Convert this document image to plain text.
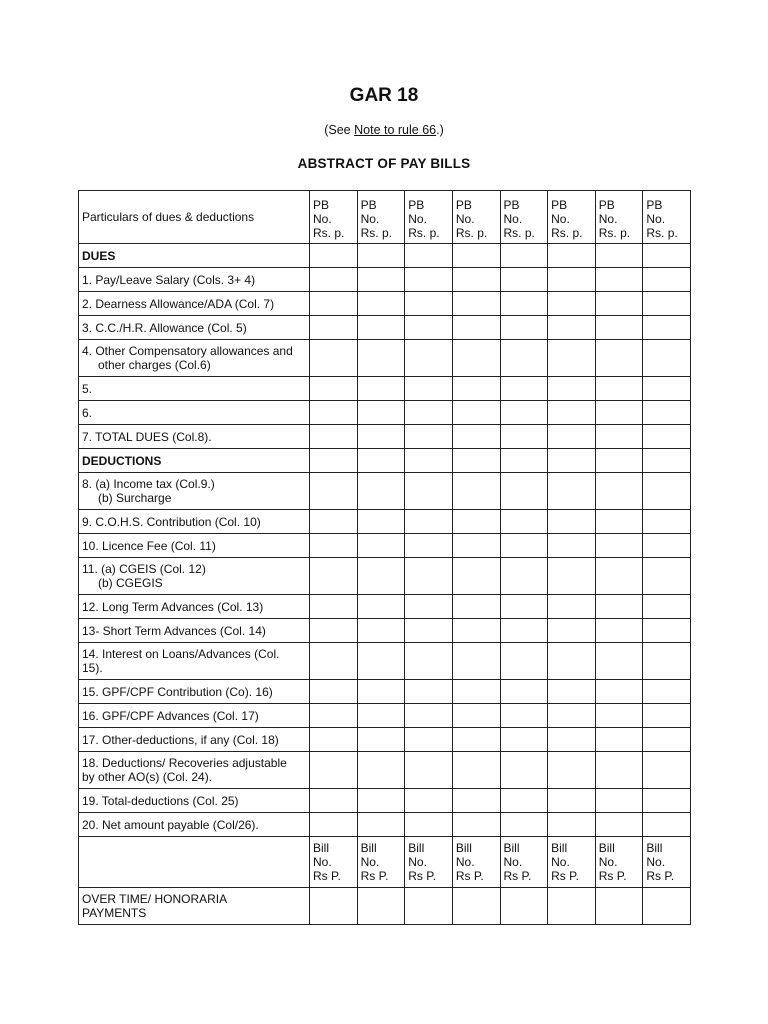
GAR 18
(See Note to rule 66.)
ABSTRACT OF PAY BILLS
Particulars of dues & deductions	PB
No.
Rs. p.	PB
No.
Rs. p.	PB
No.
Rs. p.	PB
No.
Rs. p.	PB
No.
Rs. p.	PB
No.
Rs. p.	PB
No.
Rs. p.	PB
No.
Rs. p.

DUES								

1. Pay/Leave Salary (Cols. 3+ 4)								

2. Dearness Allowance/ADA (Col. 7)								

3. C.C./H.R. Allowance (Col. 5)								

4. Other Compensatory allowances and
other charges (Col.6)								

5.								

6.								

7. TOTAL DUES (Col.8).								

DEDUCTIONS								

8. (a) Income tax (Col.9.)
(b) Surcharge								

9. C.O.H.S. Contribution (Col. 10)								

10. Licence Fee (Col. 11)								

11. (a) CGEIS (Col. 12)
(b) CGEGIS								

12. Long Term Advances (Col. 13)								

13- Short Term Advances (Col. 14)								

14. Interest on Loans/Advances (Col.
15).								

15. GPF/CPF Contribution (Co). 16)								

16. GPF/CPF Advances (Col. 17)								

17. Other-deductions, if any (Col. 18)								

18. Deductions/ Recoveries adjustable
by other AO(s) (Col. 24).								

19. Total-deductions (Col. 25)								

20. Net amount payable (Col/26).								

	Bill
No.
Rs P.	Bill
No.
Rs P.	Bill
No.
Rs P.	Bill
No.
Rs P.	Bill
No.
Rs P.	Bill
No.
Rs P.	Bill
No.
Rs P.	Bill
No.
Rs P.

OVER TIME/ HONORARIA
PAYMENTS								
